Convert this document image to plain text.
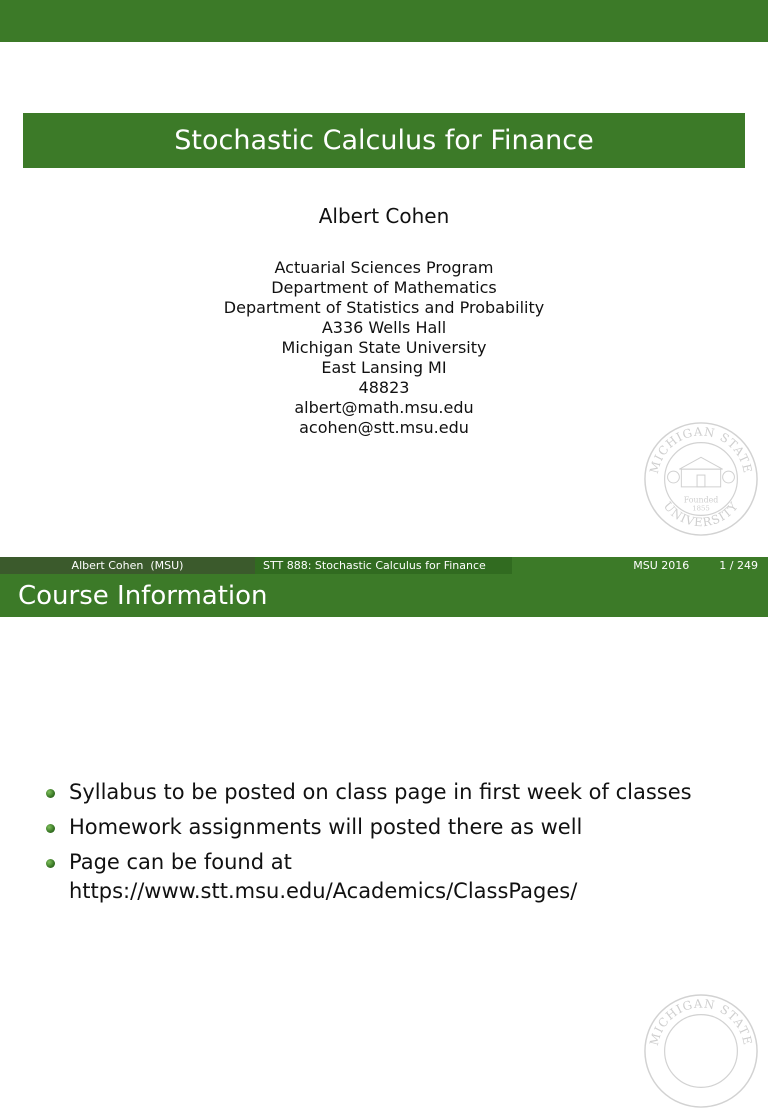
Stochastic Calculus for Finance
Albert Cohen
Actuarial Sciences Program
Department of Mathematics
Department of Statistics and Probability
A336 Wells Hall
Michigan State University
East Lansing MI
48823
albert@math.msu.edu
acohen@stt.msu.edu
MICHIGAN STATE
UNIVERSITY
Founded
1855
Albert Cohen  (MSU)	STT 888: Stochastic Calculus for Finance	MSU 2016	1 / 249
Course Information
Syllabus to be posted on class page in first week of classes
Homework assignments will posted there as well
Page can be found at
https://www.stt.msu.edu/Academics/ClassPages/
MICHIGAN STATE
